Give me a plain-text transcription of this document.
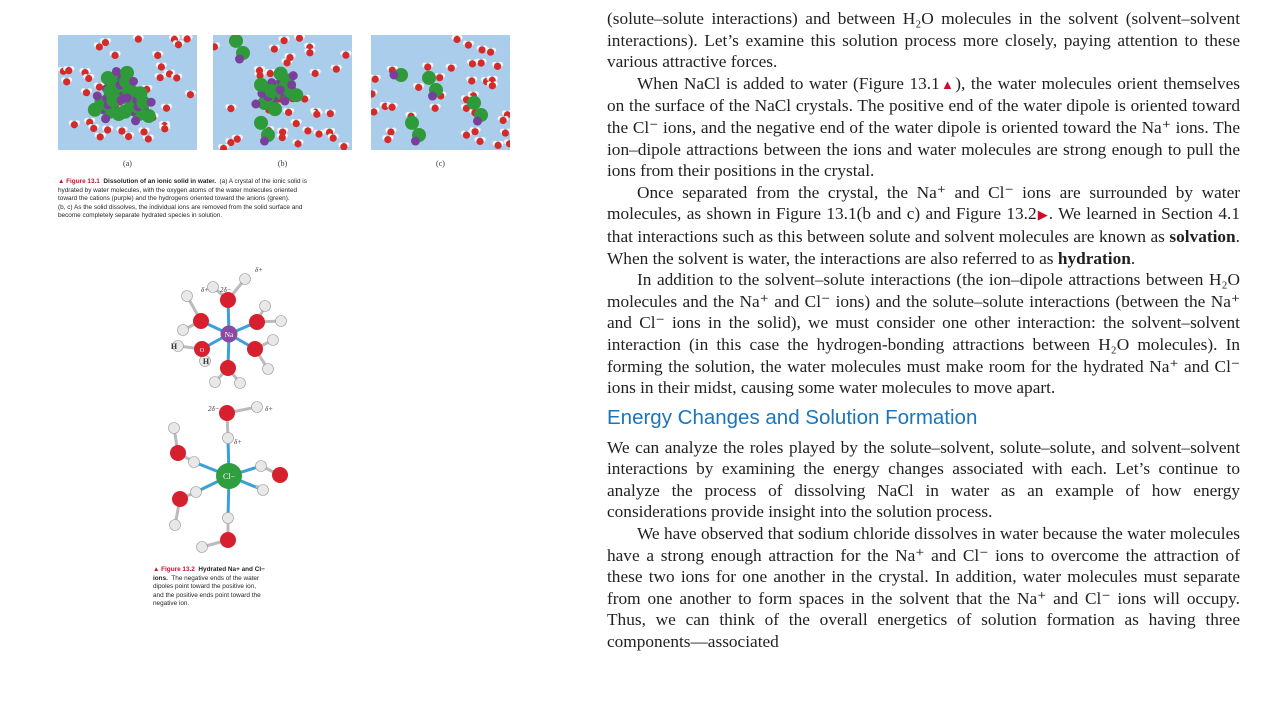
(a)	(b)	(c)
▲ Figure 13.1 Dissolution of an ionic solid in water. (a) A crystal of the ionic solid is
hydrated by water molecules, with the oxygen atoms of the water molecules oriented
toward the cations (purple) and the hydrogens oriented toward the anions (green).
(b, c) As the solid dissolves, the individual ions are removed from the solid surface and
become completely separate hydrated species in solution.
Na
O
H
H
δ+
δ+ 2δ−
Cl−
2δ−	δ+
δ+
▲ Figure 13.2 Hydrated Na+ and Cl−
ions. The negative ends of the water
dipoles point toward the positive ion,
and the positive ends point toward the
negative ion.

(solute–solute interactions) and between H₂O molecules in the solvent (solvent–solvent interactions). Let’s examine this solution process more closely, paying attention to these various attractive forces.

When NaCl is added to water (Figure 13.1▲), the water molecules orient themselves on the surface of the NaCl crystals. The positive end of the water dipole is oriented toward the Cl⁻ ions, and the negative end of the water dipole is oriented toward the Na⁺ ions. The ion–dipole attractions between the ions and water molecules are strong enough to pull the ions from their positions in the crystal.

Once separated from the crystal, the Na⁺ and Cl⁻ ions are surrounded by water molecules, as shown in Figure 13.1(b and c) and Figure 13.2▶. We learned in Section 4.1 that interactions such as this between solute and solvent molecules are known as solvation. When the solvent is water, the interactions are also referred to as hydration.

In addition to the solvent–solute interactions (the ion–dipole attractions between H₂O molecules and the Na⁺ and Cl⁻ ions) and the solute–solute interactions (between the Na⁺ and Cl⁻ ions in the solid), we must consider one other interaction: the solvent–solvent interaction (in this case the hydrogen-bonding attractions between H₂O molecules). In forming the solution, the water molecules must make room for the hydrated Na⁺ and Cl⁻ ions in their midst, causing some water molecules to move apart.

Energy Changes and Solution Formation

We can analyze the roles played by the solute–solvent, solute–solute, and solvent–solvent interactions by examining the energy changes associated with each. Let’s continue to analyze the process of dissolving NaCl in water as an example of how energy considerations provide insight into the solution process.

We have observed that sodium chloride dissolves in water because the water molecules have a strong enough attraction for the Na⁺ and Cl⁻ ions to overcome the attraction of these two ions for one another in the crystal. In addition, water molecules must separate from one another to form spaces in the solvent that the Na⁺ and Cl⁻ ions will occupy. Thus, we can think of the overall energetics of solution formation as having three components—associated
